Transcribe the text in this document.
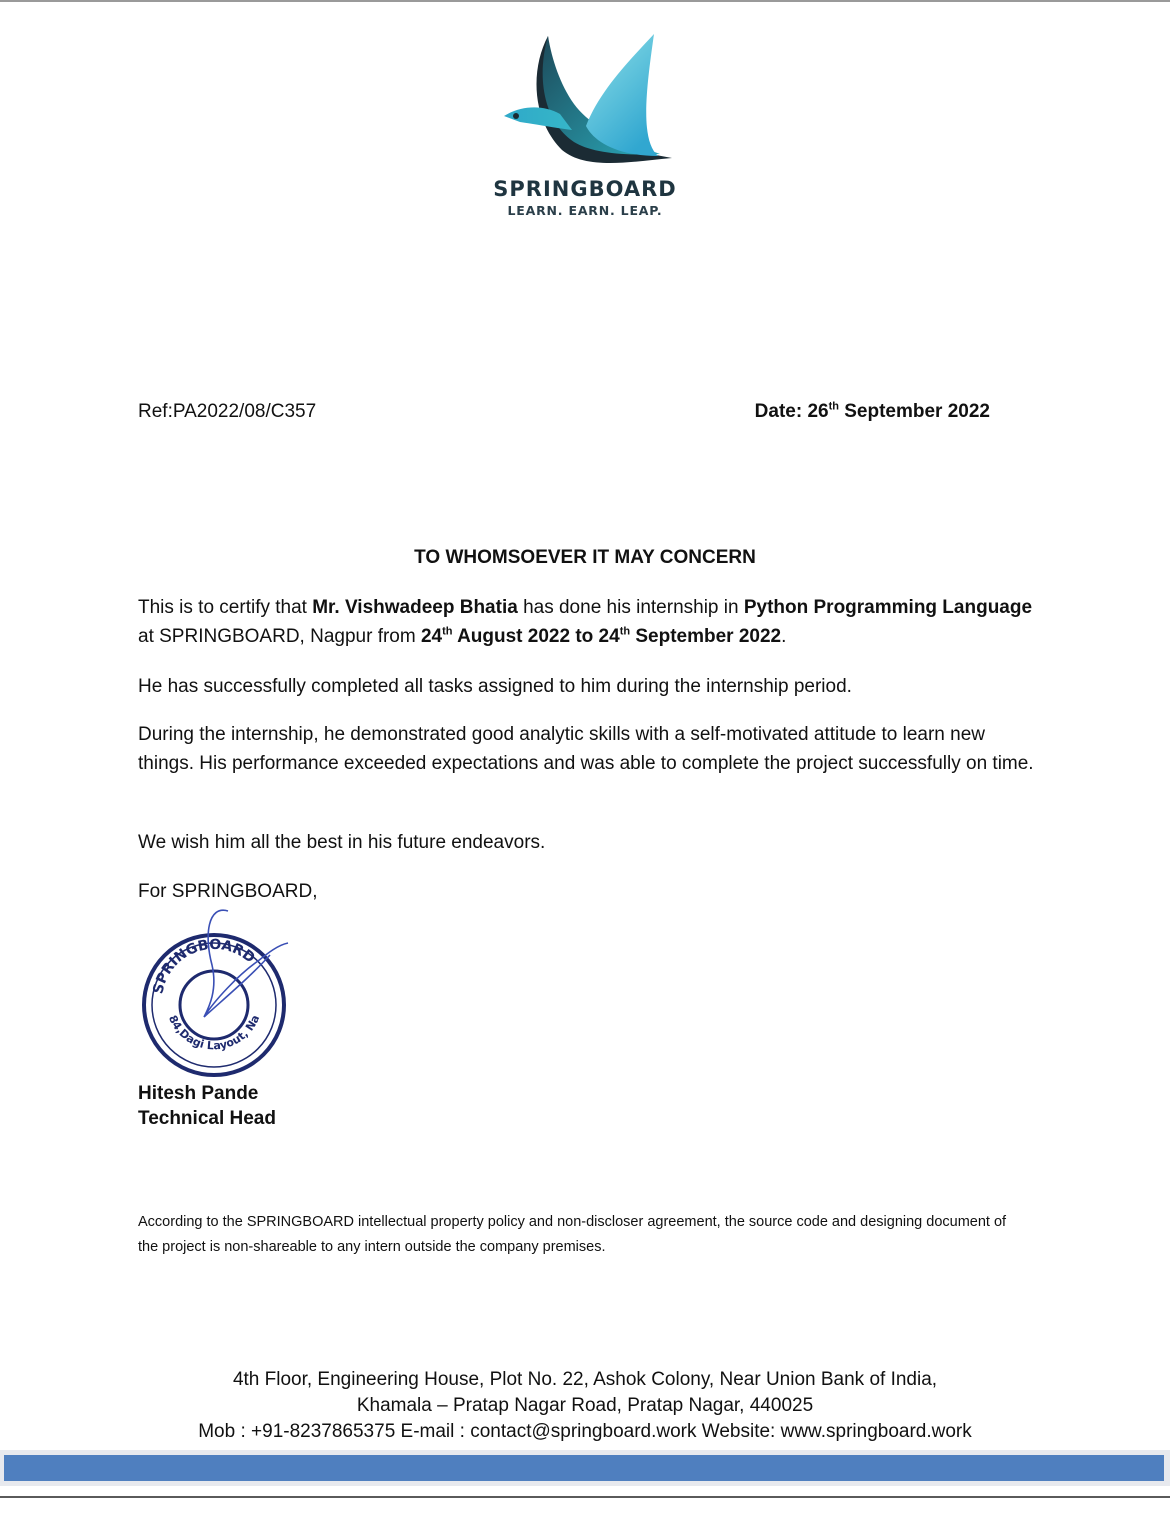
SPRINGBOARD
LEARN. EARN. LEAP.
Ref:PA2022/08/C357	Date: 26th September 2022
TO WHOMSOEVER IT MAY CONCERN
This is to certify that Mr. Vishwadeep Bhatia has done his internship in Python Programming Language at SPRINGBOARD, Nagpur from 24th August 2022 to 24th September 2022.
He has successfully completed all tasks assigned to him during the internship period.
During the internship, he demonstrated good analytic skills with a self-motivated attitude to learn new things. His performance exceeded expectations and was able to complete the project successfully on time.
We wish him all the best in his future endeavors.
For SPRINGBOARD,
SPRINGBOARD
84,Dagi Layout, Na
Hitesh Pande
Technical Head
According to the SPRINGBOARD intellectual property policy and non-discloser agreement, the source code and designing document of the project is non-shareable to any intern outside the company premises.
4th Floor, Engineering House, Plot No. 22, Ashok Colony, Near Union Bank of India,
Khamala – Pratap Nagar Road, Pratap Nagar, 440025
Mob : +91-8237865375 E-mail : contact@springboard.work Website: www.springboard.work
